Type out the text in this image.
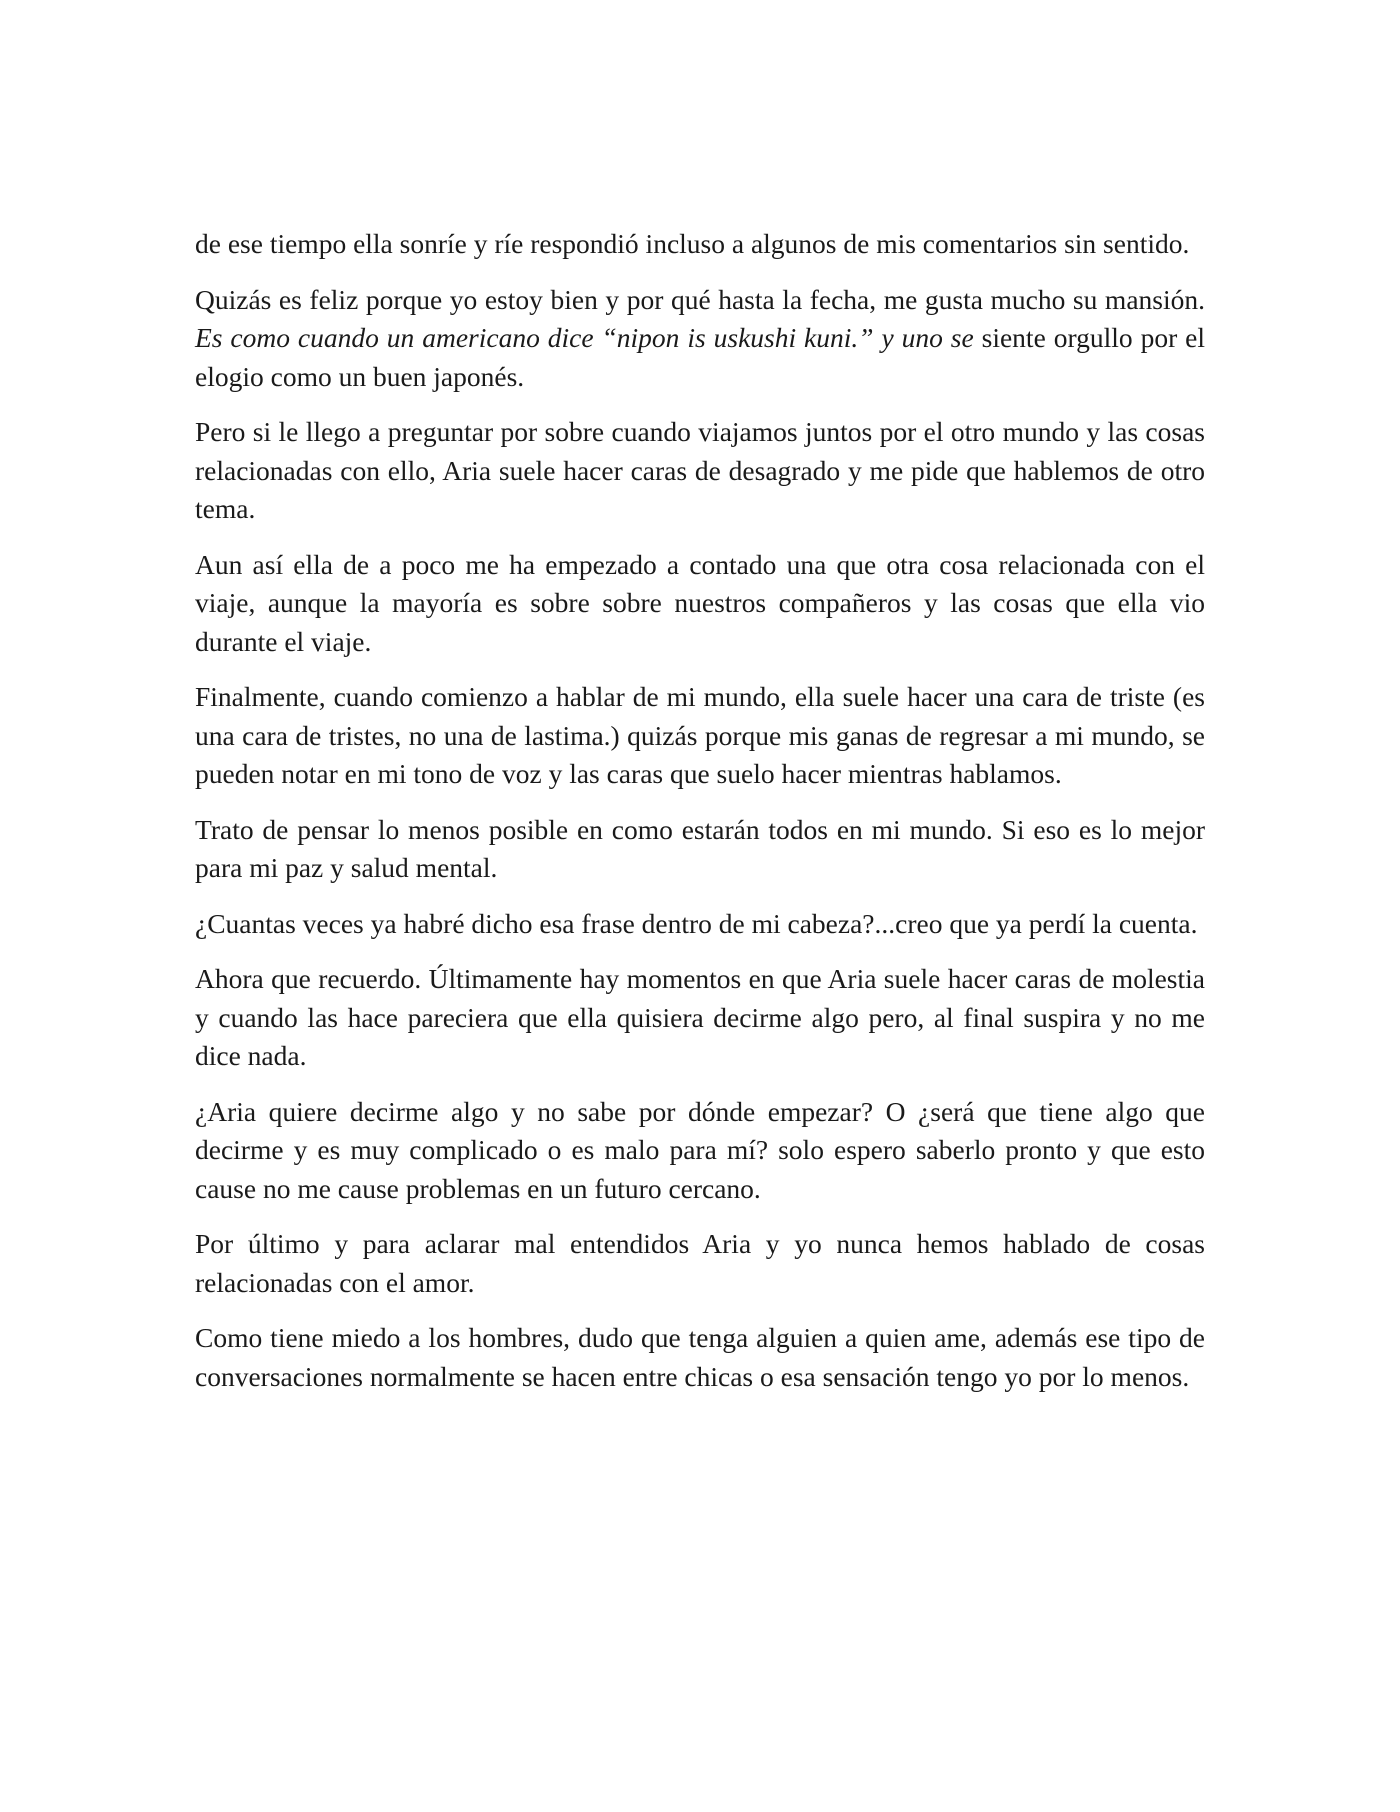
de ese tiempo ella sonríe y ríe respondió incluso a algunos de mis comentarios sin sentido.

Quizás es feliz porque yo estoy bien y por qué hasta la fecha, me gusta mucho su mansión. Es como cuando un americano dice “nipon is uskushi kuni.” y uno se siente orgullo por el elogio como un buen japonés.

Pero si le llego a preguntar por sobre cuando viajamos juntos por el otro mundo y las cosas relacionadas con ello, Aria suele hacer caras de desagrado y me pide que hablemos de otro tema.

Aun así ella de a poco me ha empezado a contado una que otra cosa relacionada con el viaje, aunque la mayoría es sobre sobre nuestros compañeros y las cosas que ella vio durante el viaje.

Finalmente, cuando comienzo a hablar de mi mundo, ella suele hacer una cara de triste (es una cara de tristes, no una de lastima.) quizás porque mis ganas de regresar a mi mundo, se pueden notar en mi tono de voz y las caras que suelo hacer mientras hablamos.

Trato de pensar lo menos posible en como estarán todos en mi mundo. Si eso es lo mejor para mi paz y salud mental.

¿Cuantas veces ya habré dicho esa frase dentro de mi cabeza?...creo que ya perdí la cuenta.

Ahora que recuerdo. Últimamente hay momentos en que Aria suele hacer caras de molestia y cuando las hace pareciera que ella quisiera decirme algo pero, al final suspira y no me dice nada.

¿Aria quiere decirme algo y no sabe por dónde empezar? O ¿será que tiene algo que decirme y es muy complicado o es malo para mí? solo espero saberlo pronto y que esto cause no me cause problemas en un futuro cercano.

Por último y para aclarar mal entendidos Aria y yo nunca hemos hablado de cosas relacionadas con el amor.

Como tiene miedo a los hombres, dudo que tenga alguien a quien ame, además ese tipo de conversaciones normalmente se hacen entre chicas o esa sensación tengo yo por lo menos.
